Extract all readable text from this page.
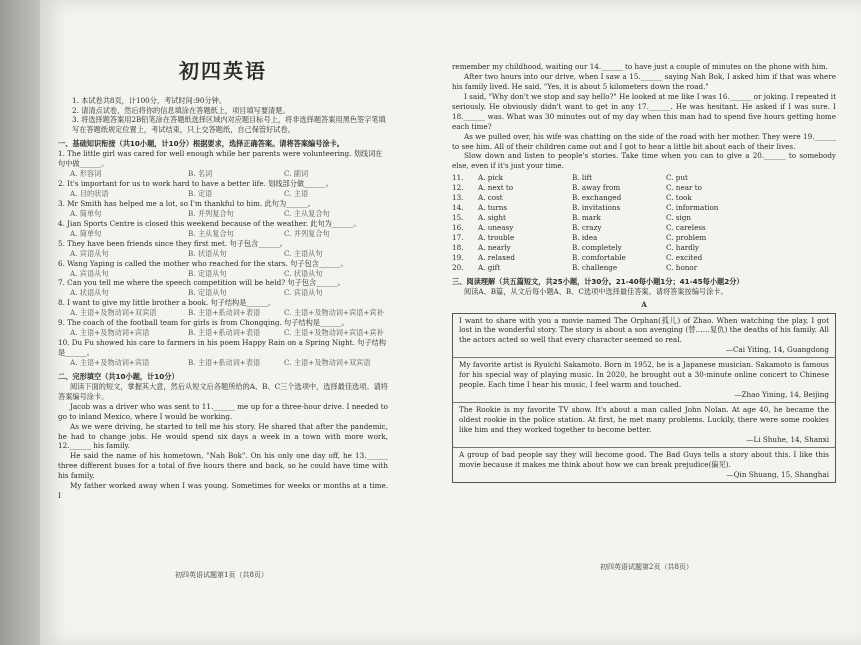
初四英语

1. 本试卷共8页，计100分，考试时间:90分钟。

2. 请清点试卷，然后将你的信息填涂在答题纸上，项目填写要清楚。

3. 将选择题答案用2B铅笔涂在答题纸选择区域内对应题目标号上，将非选择题答案用黑色签字笔填写在答题纸规定位置上，考试结束，只上交答题纸，自己保管好试卷。

一、基础知识衔接（共10小题，计10分）根据要求，选择正确答案。请将答案编号涂卡。

1. The little girl was cared for well enough while her parents were volunteering. 划线词在句中做______。

A. 形容词	B. 名词	C. 副词

2. It's important for us to work hard to have a better life. 划线部分做______。

A. 目的状语	B. 定语	C. 主语

3. Mr Smith has helped me a lot, so I'm thankful to him. 此句为______。

A. 简单句	B. 并列复合句	C. 主从复合句

4. Jian Sports Centre is closed this weekend because of the weather. 此句为______。

A. 简单句	B. 主从复合句	C. 并列复合句

5. They have been friends since they first met. 句子包含______。

A. 宾语从句	B. 状语从句	C. 主语从句

6. Wang Yaping is called the mother who reached for the stars. 句子包含______。

A. 宾语从句	B. 定语从句	C. 状语从句

7. Can you tell me where the speech competition will be held? 句子包含______。

A. 状语从句	B. 定语从句	C. 宾语从句

8. I want to give my little brother a book. 句子结构是______。

A. 主语+及物动词+双宾语	B. 主语+系动词+表语	C. 主语+及物动词+宾语+宾补

9. The coach of the football team for girls is from Chongqing. 句子结构是______。

A. 主语+及物动词+宾语	B. 主语+系动词+表语	C. 主语+及物动词+宾语+宾补

10. Du Fu showed his care to farmers in his poem Happy Rain on a Spring Night. 句子结构是______。

A. 主语+及物动词+宾语	B. 主语+系动词+表语	C. 主语+及物动词+双宾语
二、完形填空（共10小题，计10分）

阅读下面的短文，掌握其大意，然后从短文后各题所给的A、B、C三个选项中，选择最佳选项。请将答案编号涂卡。

Jacob was a driver who was sent to 11.______ me up for a three-hour drive. I needed to go to inland Mexico, where I would be working.

As we were driving, he started to tell me his story. He shared that after the pandemic, he had to change jobs. He would spend six days a week in a town with more work, 12.______ his family.

He said the name of his hometown, "Nah Bok". On his only one day off, he 13.______ three different buses for a total of five hours there and back, so he could have time with his family.

My father worked away when I was young. Sometimes for weeks or months at a time. I

初四英语试题第1页（共8页）

remember my childhood, waiting our 14.______ to have just a couple of minutes on the phone with him.

After two hours into our drive, when I saw a 15.______ saying Nah Bok, I asked him if that was where his family lived. He said, "Yes, it is about 5 kilometers down the road."

I said, "Why don't we stop and say hello?" He looked at me like I was 16.______ or joking. I repeated it seriously. He obviously didn't want to get in any 17.______. He was hesitant. He asked if I was sure. I 18.______ was. What was 30 minutes out of my day when this man had to spend five hours getting home each time?

As we pulled over, his wife was chatting on the side of the road with her mother. They were 19.______ to see him. All of their children came out and I got to hear a little bit about each of their lives.

Slow down and listen to people's stories. Take time when you can to give a 20.______ to somebody else, even if it's just your time.

11.	A. pick	B. lift	C. put
12.	A. next to	B. away from	C. near to
13.	A. cost	B. exchanged	C. took
14.	A. turns	B. invitations	C. information
15.	A. sight	B. mark	C. sign
16.	A. uneasy	B. crazy	C. careless
17.	A. trouble	B. idea	C. problem
18.	A. nearly	B. completely	C. hardly
19.	A. relaxed	B. comfortable	C. excited
20.	A. gift	B. challenge	C. honor
三、阅读理解（共五篇短文，共25小题，计30分。21-40每小题1分；41-45每小题2分）

阅读A、B篇，从文后每小题A、B、C选项中选择最佳答案。请将答案按编号涂卡。

A
I want to share with you a movie named The Orphan(孤儿) of Zhao. When watching the play, I got lost in the wonderful story. The story is about a son avenging (替……复仇) the deaths of his family. All the actors acted so well that every character seemed so real.
—Cai Yiting, 14, Guangdong
My favorite artist is Ryuichi Sakamoto. Born in 1952, he is a Japanese musician. Sakamoto is famous for his special way of playing music. In 2020, he brought out a 30-minute online concert to Chinese people. Each time I hear his music, I feel warm and touched.
—Zhao Yining, 14, Beijing
The Rookie is my favorite TV show. It's about a man called John Nolan. At age 40, he became the oldest rookie in the police station. At first, he met many problems. Luckily, there were some rookies like him and they worked together to become better.
—Li Shuhe, 14, Shanxi
A group of bad people say they will become good. The Bad Guys tells a story about this. I like this movie because it makes me think about how we can break prejudice(偏见).
—Qin Shuang, 15, Shanghai
初四英语试题第2页（共8页）
